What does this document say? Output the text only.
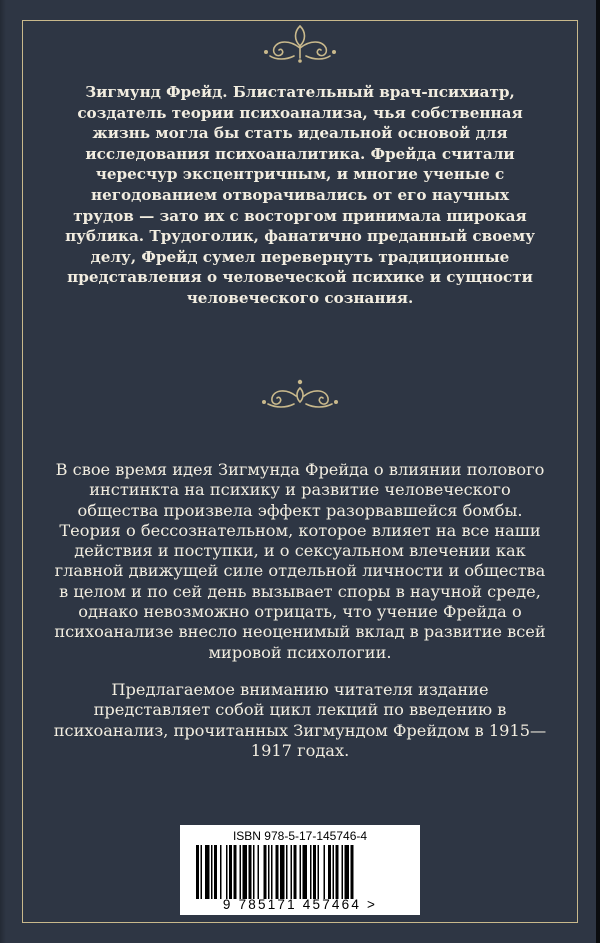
Зигмунд Фрейд. Блистательный врач-психиатр, создатель теории психоанализа, чья собственная жизнь могла бы стать идеальной основой для исследования психоаналитика. Фрейда считали чересчур эксцентричным, и многие ученые с негодованием отворачивались от его научных трудов — зато их с восторгом принимала широкая публика. Трудоголик, фанатично преданный своему делу, Фрейд сумел перевернуть традиционные представления о человеческой психике и сущности человеческого сознания.

В свое время идея Зигмунда Фрейда о влиянии полового инстинкта на психику и развитие человеческого общества произвела эффект разорвавшейся бомбы. Теория о бессознательном, которое влияет на все наши действия и поступки, и о сексуальном влечении как главной движущей силе отдельной личности и общества в целом и по сей день вызывает споры в научной среде, однако невозможно отрицать, что учение Фрейда о психоанализе внесло неоценимый вклад в развитие всей мировой психологии.

Предлагаемое вниманию читателя издание представляет собой цикл лекций по введению в психоанализ, прочитанных Зигмундом Фрейдом в 1915—1917 годах.

ISBN 978-5-17-145746-4

9 785171 457464 >
